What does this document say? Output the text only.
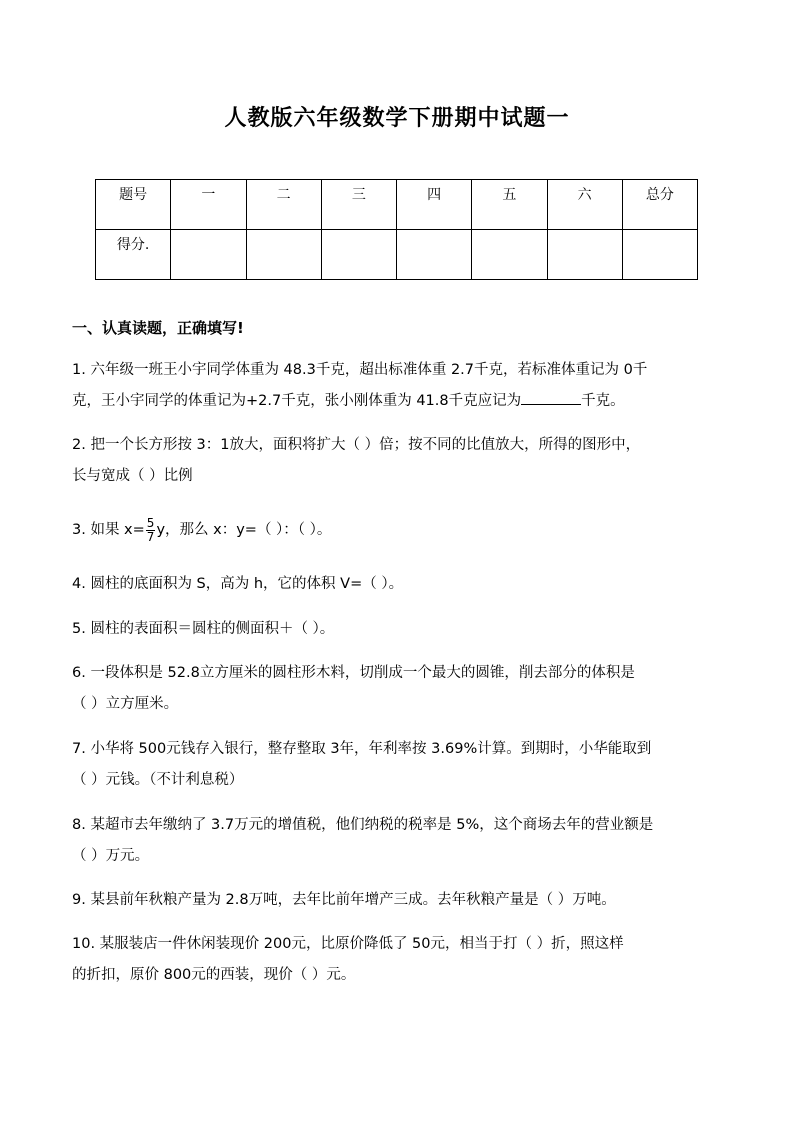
人教版六年级数学下册期中试题一
题号	一	二	三	四	五	六	总分
得分.							
一、认真读题，正确填写!
1. 六年级一班王小宇同学体重为 48.3千克，超出标准体重 2.7千克，若标准体重记为 0千
克，王小宇同学的体重记为+2.7千克，张小刚体重为 41.8千克应记为	千克。
2. 把一个长方形按 3：1放大，面积将扩大（ ）倍；按不同的比值放大，所得的图形中，
长与宽成（ ）比例
3. 如果 $x= \frac{5}{7}$ y，那么 x：y=（ ）：（ ）。
4. 圆柱的底面积为 S，高为 h，它的体积 V=（ ）。
5. 圆柱的表面积＝圆柱的侧面积＋（ ）。
6. 一段体积是 52.8立方厘米的圆柱形木料，切削成一个最大的圆锥，削去部分的体积是
（ ）立方厘米。
7. 小华将 500元钱存入银行，整存整取 3年，年利率按 3.69%计算。到期时，小华能取到
（ ）元钱。（不计利息税）
8. 某超市去年缴纳了 3.7万元的增值税，他们纳税的税率是 5%，这个商场去年的营业额是
（ ）万元。
9. 某县前年秋粮产量为 2.8万吨，去年比前年增产三成。去年秋粮产量是（ ）万吨。
10. 某服装店一件休闲装现价 200元，比原价降低了 50元，相当于打（ ）折，照这样
的折扣，原价 800元的西装，现价（ ）元。
